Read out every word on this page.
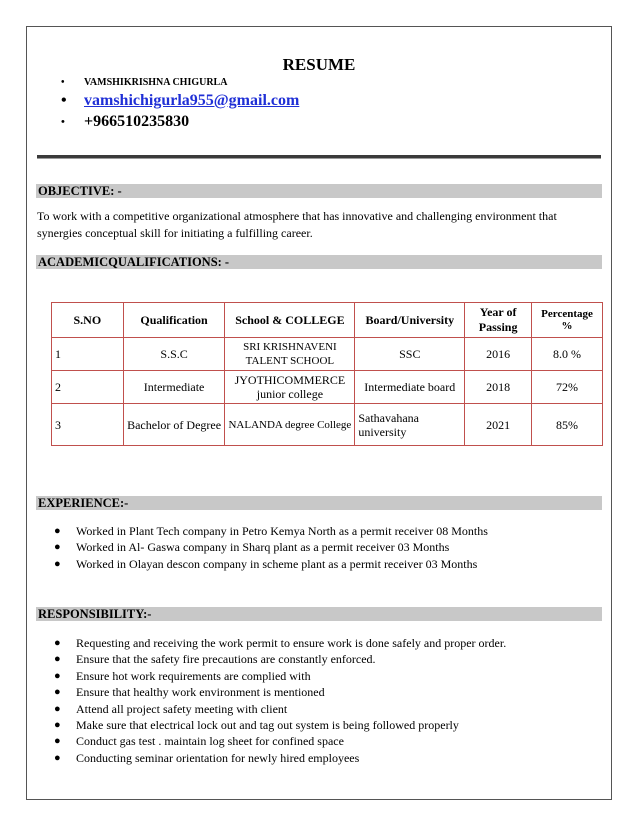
RESUME
• VAMSHIKRISHNA CHIGURLA
• vamshichigurla955@gmail.com
• +966510235830
OBJECTIVE: -
To work with a competitive organizational atmosphere that has innovative and challenging environment that synergies conceptual skill for initiating a fulfilling career.
ACADEMICQUALIFICATIONS: -
S.NO	Qualification	School & COLLEGE	Board/University	Year of Passing	Percentage %
1	S.S.C	SRI KRISHNAVENI TALENT SCHOOL	SSC	2016	8.0 %
2	Intermediate	JYOTHICOMMERCE junior college	Intermediate board	2018	72%
3	Bachelor of Degree	NALANDA degree College	Sathavahana university	2021	85%
EXPERIENCE:-
● Worked in Plant Tech company in Petro Kemya North as a permit receiver 08 Months
● Worked in Al- Gaswa company in Sharq plant as a permit receiver 03 Months
● Worked in Olayan descon company in scheme plant as a permit receiver 03 Months
RESPONSIBILITY:-
● Requesting and receiving the work permit to ensure work is done safely and proper order.
● Ensure that the safety fire precautions are constantly enforced.
● Ensure hot work requirements are complied with
● Ensure that healthy work environment is mentioned
● Attend all project safety meeting with client
● Make sure that electrical lock out and tag out system is being followed properly
● Conduct gas test . maintain log sheet for confined space
● Conducting seminar orientation for newly hired employees
